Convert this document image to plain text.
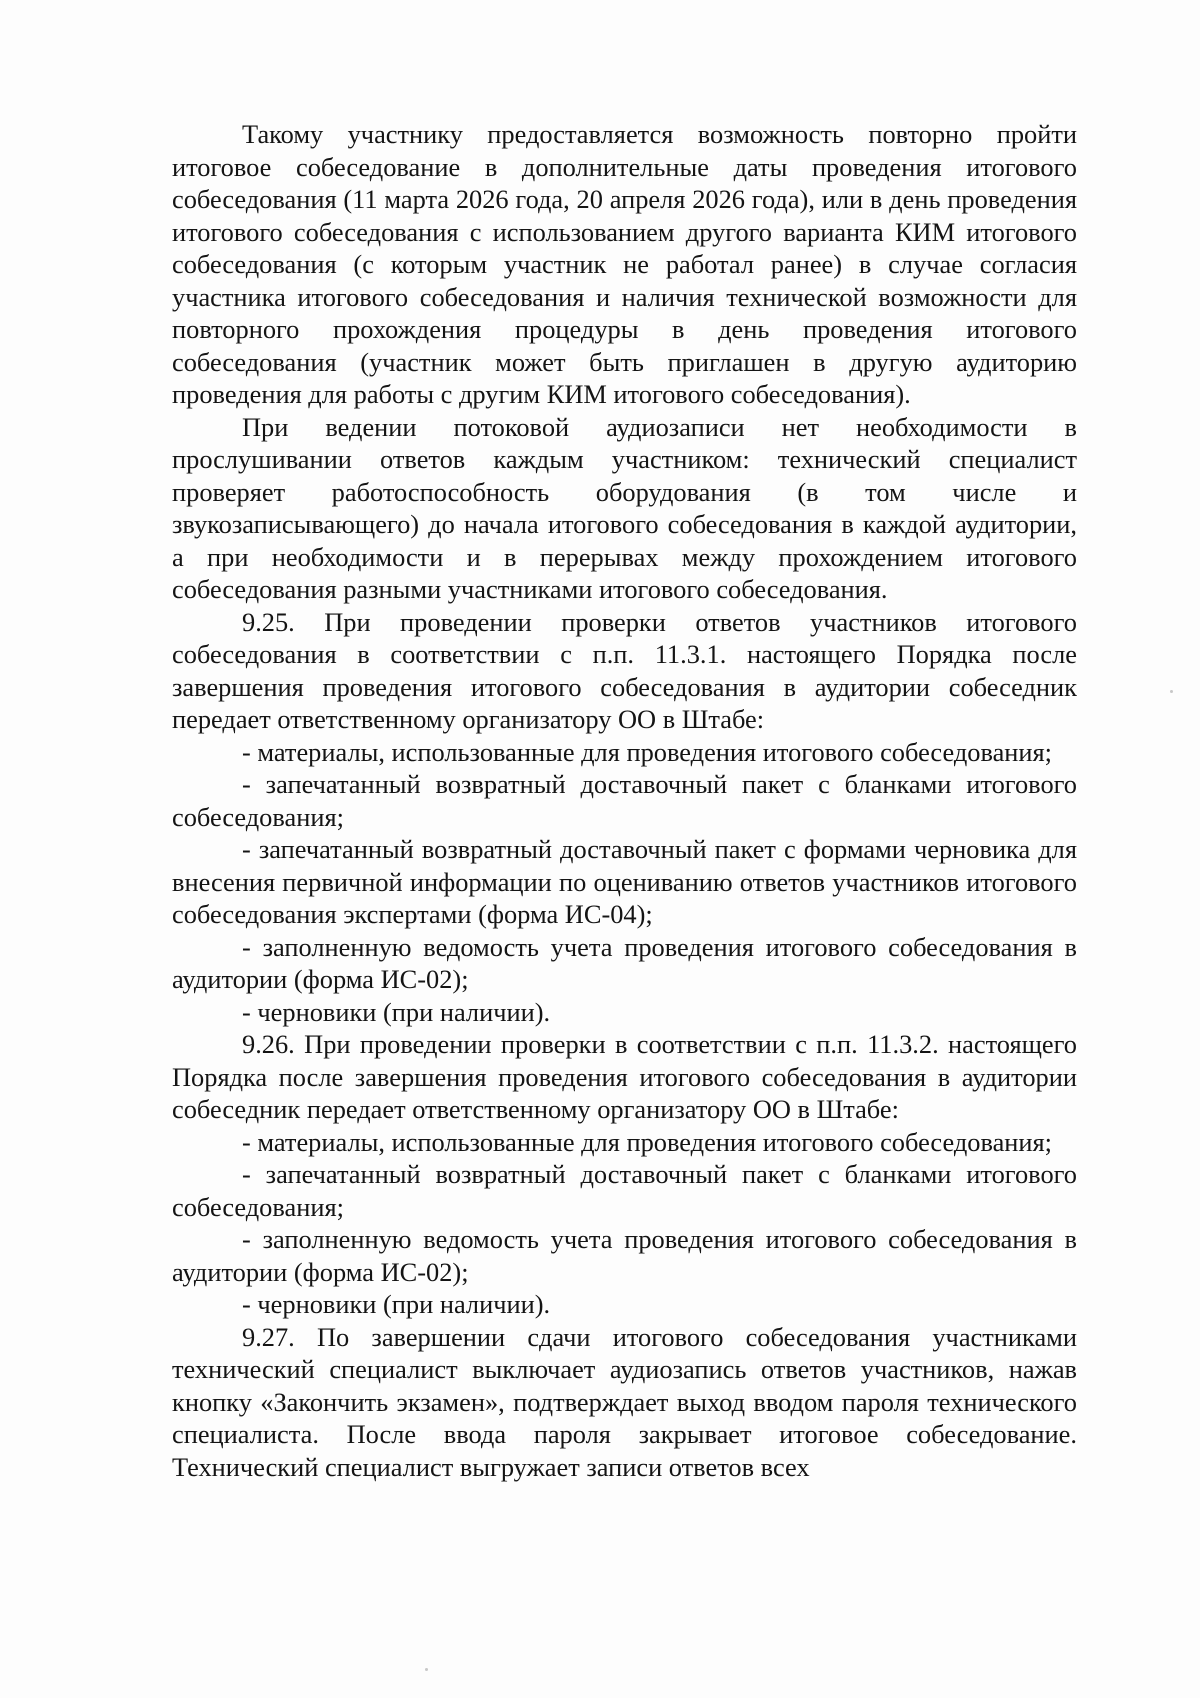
Такому участнику предоставляется возможность повторно пройти итоговое собеседование в дополнительные даты проведения итогового собеседования (11 марта 2026 года, 20 апреля 2026 года), или в день проведения итогового собеседования с использованием другого варианта КИМ итогового собеседования (с которым участник не работал ранее) в случае согласия участника итогового собеседования и наличия технической возможности для повторного прохождения процедуры в день проведения итогового собеседования (участник может быть приглашен в другую аудиторию проведения для работы с другим КИМ итогового собеседования).

При ведении потоковой аудиозаписи нет необходимости в прослушивании ответов каждым участником: технический специалист проверяет работоспособность оборудования (в том числе и звукозаписывающего) до начала итогового собеседования в каждой аудитории, а при необходимости и в перерывах между прохождением итогового собеседования разными участниками итогового собеседования.

9.25. При проведении проверки ответов участников итогового собеседования в соответствии с п.п. 11.3.1. настоящего Порядка после завершения проведения итогового собеседования в аудитории собеседник передает ответственному организатору ОО в Штабе:

- материалы, использованные для проведения итогового собеседования;

- запечатанный возвратный доставочный пакет с бланками итогового собеседования;

- запечатанный возвратный доставочный пакет с формами черновика для внесения первичной информации по оцениванию ответов участников итогового собеседования экспертами (форма ИС-04);

- заполненную ведомость учета проведения итогового собеседования в аудитории (форма ИС-02);

- черновики (при наличии).

9.26. При проведении проверки в соответствии с п.п. 11.3.2. настоящего Порядка после завершения проведения итогового собеседования в аудитории собеседник передает ответственному организатору ОО в Штабе:

- материалы, использованные для проведения итогового собеседования;

- запечатанный возвратный доставочный пакет с бланками итогового собеседования;

- заполненную ведомость учета проведения итогового собеседования в аудитории (форма ИС-02);

- черновики (при наличии).

9.27. По завершении сдачи итогового собеседования участниками технический специалист выключает аудиозапись ответов участников, нажав кнопку «Закончить экзамен», подтверждает выход вводом пароля технического специалиста. После ввода пароля закрывает итоговое собеседование. Технический специалист выгружает записи ответов всех
